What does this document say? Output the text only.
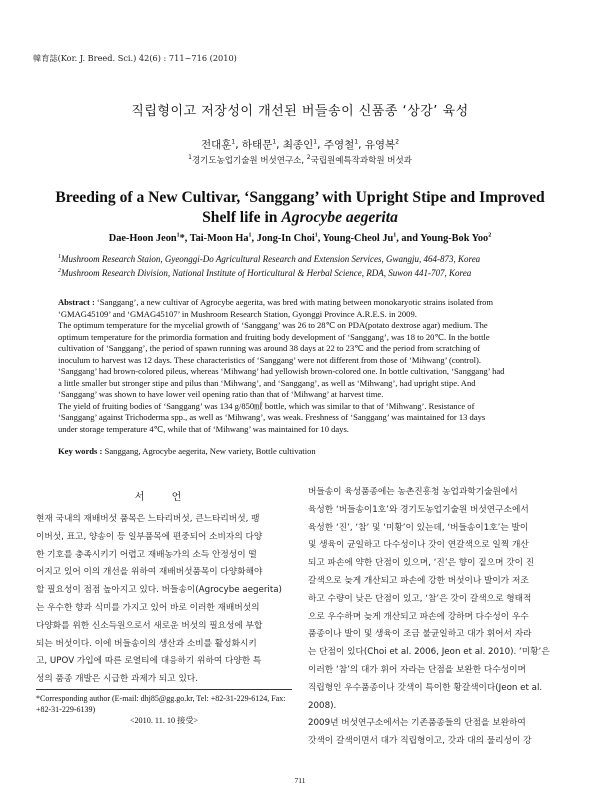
韓育誌(Kor. J. Breed. Sci.) 42(6) : 711~716 (2010)
직립형이고 저장성이 개선된 버들송이 신품종 ‘상강’ 육성
전대훈$^1$, 하태문$^1$, 최종인$^1$, 주영철$^1$, 유영복$^2$
$^1$경기도농업기술원 버섯연구소, $^2$국립원예특작과학원 버섯과
Breeding of a New Cultivar, ‘Sanggang’ with Upright Stipe and Improved
Shelf life in Agrocybe aegerita
Dae-Hoon Jeon$^1$*, Tai-Moon Ha$^1$, Jong-In Choi$^1$, Young-Cheol Ju$^1$, and Young-Bok Yoo$^2$
$^1$Mushroom Research Staion, Gyeonggi-Do Agricultural Research and Extension Services, Gwangju, 464-873, Korea
$^2$Mushroom Research Division, National Institute of Horticultural & Herbal Science, RDA, Suwon 441-707, Korea
Abstract : ‘Sanggang’, a new cultivar of Agrocybe aegerita, was bred with mating between monokaryotic strains isolated from
‘GMAG45109’ and ‘GMAG45107’ in Mushroom Research Station, Gyonggi Province A.R.E.S. in 2009.
The optimum temperature for the mycelial growth of ‘Sanggang’ was 26 to 28℃ on PDA(potato dextrose agar) medium. The
optimum temperature for the primordia formation and fruiting body development of ‘Sanggang’, was 18 to 20℃. In the bottle
cultivation of ‘Sanggang’, the period of spawn running was around 38 days at 22 to 23℃ and the period from scratching of
inoculum to harvest was 12 days. These characteristics of ‘Sanggang’ were not different from those of ‘Mihwang’ (control).
‘Sanggang’ had brown-colored pileus, whereas ‘Mihwang’ had yellowish brown-colored one. In bottle cultivation, ‘Sanggang’ had
a little smaller but stronger stipe and pilus than ‘Mihwang’, and ‘Sanggang’, as well as ‘Mihwang’, had upright stipe. And
‘Sanggang’ was shown to have lower veil opening ratio than that of ‘Mihwang’ at harvest time.
The yield of fruiting bodies of ‘Sanggang’ was 134 g/850㎖ bottle, which was similar to that of ‘Mihwang’. Resistance of
‘Sanggang’ against Trichoderma spp., as well as ‘Mihwang’, was weak. Freshness of ‘Sanggang’ was maintained for 13 days
under storage temperature 4℃, while that of ‘Mihwang’ was maintained for 10 days.
Key words : Sanggang, Agrocybe aegerita, New variety, Bottle cultivation
서 언
현재 국내의 재배버섯 품목은 느타리버섯, 큰느타리버섯, 팽
이버섯, 표고, 양송이 등 일부품목에 편중되어 소비자의 다양
한 기호를 충족시키기 어렵고 재배농가의 소득 안정성이 떨
어지고 있어 이의 개선을 위하여 재배버섯품목이 다양화해야
할 필요성이 점점 높아지고 있다. 버들송이(Agrocybe aegerita)
는 우수한 향과 식미를 가지고 있어 바로 이러한 재배버섯의
다양화를 위한 신소득원으로서 새로운 버섯의 필요성에 부합
되는 버섯이다. 이에 버들송이의 생산과 소비를 활성화시키
고, UPOV 가입에 따른 로열티에 대응하기 위하여 다양한 특
성의 품종 개발은 시급한 과제가 되고 있다.
버들송이 육성품종에는 농촌진흥청 농업과학기술원에서
육성한 ‘버들송이1호’와 경기도농업기술원 버섯연구소에서
육성한 ‘진’, ‘참’ 및 ‘미황’이 있는데, ‘버들송이1호’는 발이
및 생육이 균일하고 다수성이나 갓이 연갈색으로 일찍 개산
되고 파손에 약한 단점이 있으며, ‘진’은 향이 짙으며 갓이 진
갈색으로 늦게 개산되고 파손에 강한 버섯이나 발이가 저조
하고 수량이 낮은 단점이 있고, ‘참’은 갓이 갈색으로 형태적
으로 우수하며 늦게 개산되고 파손에 강하며 다수성이 우수
품종이나 발이 및 생육이 조금 불균일하고 대가 휘어서 자라
는 단점이 있다(Choi et al. 2006, Jeon et al. 2010). ‘미황’은
이러한 ‘참’의 대가 휘어 자라는 단점을 보완한 다수성이며
직립형인 우수품종이나 갓색이 특이한 황갈색이다(Jeon et al.
2008).
2009년 버섯연구소에서는 기존품종들의 단점을 보완하여
갓색이 갈색이면서 대가 직립형이고, 갓과 대의 물리성이 강
*Corresponding author (E-mail: dhj85@gg.go.kr, Tel: +82-31-229-6124, Fax: +82-31-229-6139)
<2010. 11. 10 接受>
711
